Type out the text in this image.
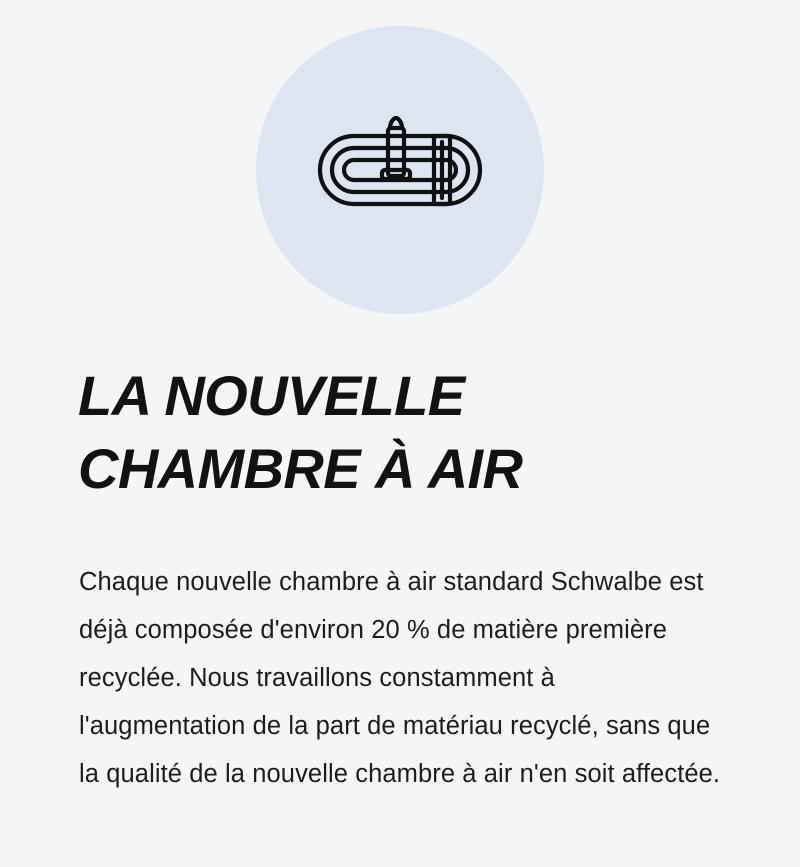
LA NOUVELLE
CHAMBRE À AIR

Chaque nouvelle chambre à air standard Schwalbe est déjà composée d'environ 20 % de matière première recyclée. Nous travaillons constamment à l'augmentation de la part de matériau recyclé, sans que la qualité de la nouvelle chambre à air n'en soit affectée.
